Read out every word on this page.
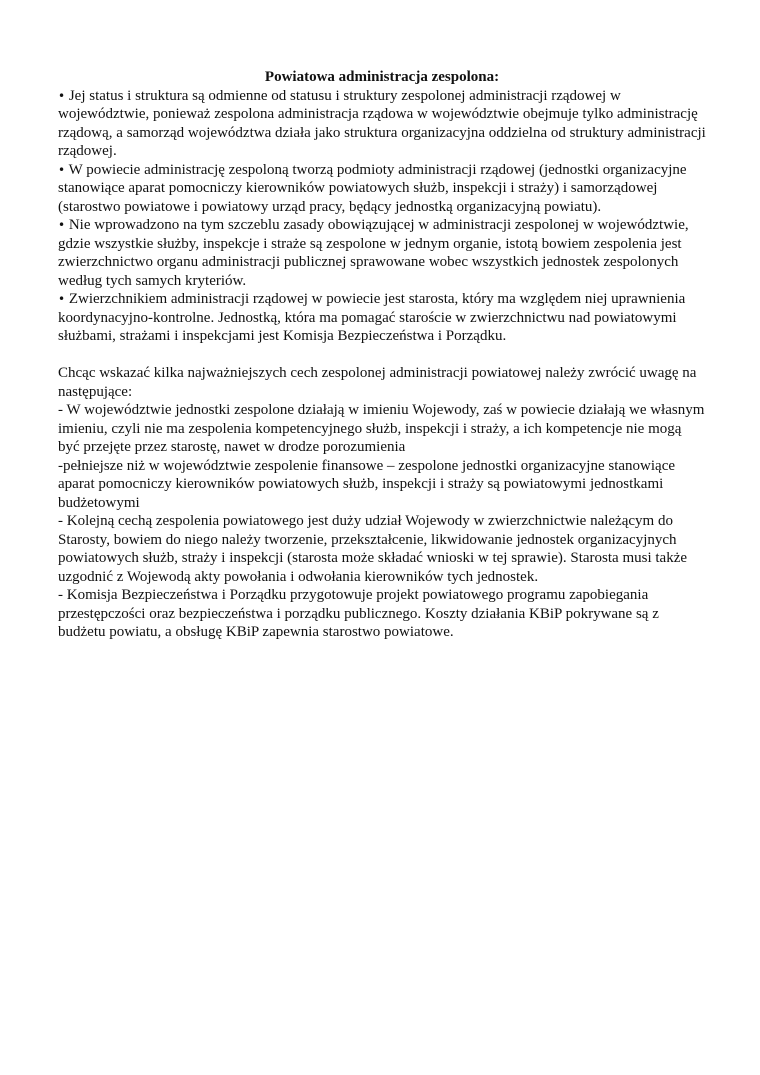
Powiatowa administracja zespolona:

• Jej status i struktura są odmienne od statusu i struktury zespolonej administracji rządowej w województwie, ponieważ zespolona administracja rządowa w województwie obejmuje tylko administrację rządową, a samorząd województwa działa jako struktura organizacyjna oddzielna od struktury administracji rządowej.

• W powiecie administrację zespoloną tworzą podmioty administracji rządowej (jednostki organizacyjne stanowiące aparat pomocniczy kierowników powiatowych służb, inspekcji i straży) i samorządowej (starostwo powiatowe i powiatowy urząd pracy, będący jednostką organizacyjną powiatu).

• Nie wprowadzono na tym szczeblu zasady obowiązującej w administracji zespolonej w województwie, gdzie wszystkie służby, inspekcje i straże są zespolone w jednym organie, istotą bowiem zespolenia jest zwierzchnictwo organu administracji publicznej sprawowane wobec wszystkich jednostek zespolonych według tych samych kryteriów.

• Zwierzchnikiem administracji rządowej w powiecie jest starosta, który ma względem niej uprawnienia koordynacyjno-kontrolne. Jednostką, która ma pomagać staroście w zwierzchnictwu nad powiatowymi służbami, strażami i inspekcjami jest Komisja Bezpieczeństwa i Porządku.

Chcąc wskazać kilka najważniejszych cech zespolonej administracji powiatowej należy zwrócić uwagę na następujące:

- W województwie jednostki zespolone działają w imieniu Wojewody, zaś w powiecie działają we własnym imieniu, czyli nie ma zespolenia kompetencyjnego służb, inspekcji i straży, a ich kompetencje nie mogą być przejęte przez starostę, nawet w drodze porozumienia

-pełniejsze niż w województwie zespolenie finansowe – zespolone jednostki organizacyjne stanowiące aparat pomocniczy kierowników powiatowych służb, inspekcji i straży są powiatowymi jednostkami budżetowymi

- Kolejną cechą zespolenia powiatowego jest duży udział Wojewody w zwierzchnictwie należącym do Starosty, bowiem do niego należy tworzenie, przekształcenie, likwidowanie jednostek organizacyjnych powiatowych służb, straży i inspekcji (starosta może składać wnioski w tej sprawie). Starosta musi także uzgodnić z Wojewodą akty powołania i odwołania kierowników tych jednostek.

- Komisja Bezpieczeństwa i Porządku przygotowuje projekt powiatowego programu zapobiegania przestępczości oraz bezpieczeństwa i porządku publicznego. Koszty działania KBiP pokrywane są z budżetu powiatu, a obsługę KBiP zapewnia starostwo powiatowe.
